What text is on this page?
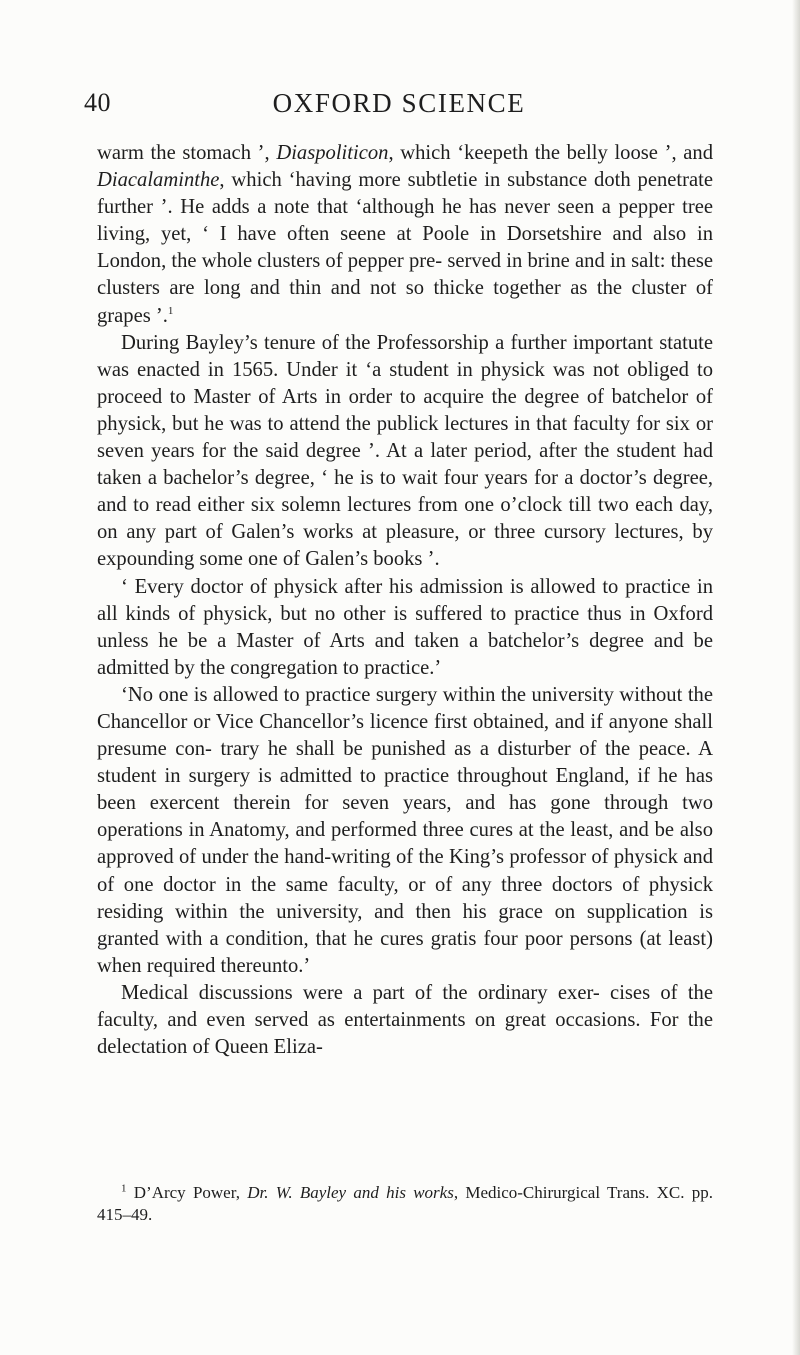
40	OXFORD SCIENCE

warm the stomach ’, Diaspoliticon, which ‘keepeth the belly loose ’, and Diacalaminthe, which ‘having more subtletie in substance doth penetrate further ’. He adds a note that ‘although he has never seen a pepper tree living, yet, ‘ I have often seene at Poole in Dorsetshire and also in London, the whole clusters of pepper pre- served in brine and in salt: these clusters are long and thin and not so thicke together as the cluster of grapes ’.$^1$

During Bayley’s tenure of the Professorship a further important statute was enacted in 1565. Under it ‘a student in physick was not obliged to proceed to Master of Arts in order to acquire the degree of batchelor of physick, but he was to attend the publick lectures in that faculty for six or seven years for the said degree ’. At a later period, after the student had taken a bachelor’s degree, ‘ he is to wait four years for a doctor’s degree, and to read either six solemn lectures from one o’clock till two each day, on any part of Galen’s works at pleasure, or three cursory lectures, by expounding some one of Galen’s books ’.

‘ Every doctor of physick after his admission is allowed to practice in all kinds of physick, but no other is suffered to practice thus in Oxford unless he be a Master of Arts and taken a batchelor’s degree and be admitted by the congregation to practice.’

‘No one is allowed to practice surgery within the university without the Chancellor or Vice Chancellor’s licence first obtained, and if anyone shall presume con- trary he shall be punished as a disturber of the peace. A student in surgery is admitted to practice throughout England, if he has been exercent therein for seven years, and has gone through two operations in Anatomy, and performed three cures at the least, and be also approved of under the hand-writing of the King’s professor of physick and of one doctor in the same faculty, or of any three doctors of physick residing within the university, and then his grace on supplication is granted with a condition, that he cures gratis four poor persons (at least) when required thereunto.’

Medical discussions were a part of the ordinary exer- cises of the faculty, and even served as entertainments on great occasions. For the delectation of Queen Eliza-

$^1$ D’Arcy Power, Dr. W. Bayley and his works, Medico-Chirurgical Trans. XC. pp. 415–49.
